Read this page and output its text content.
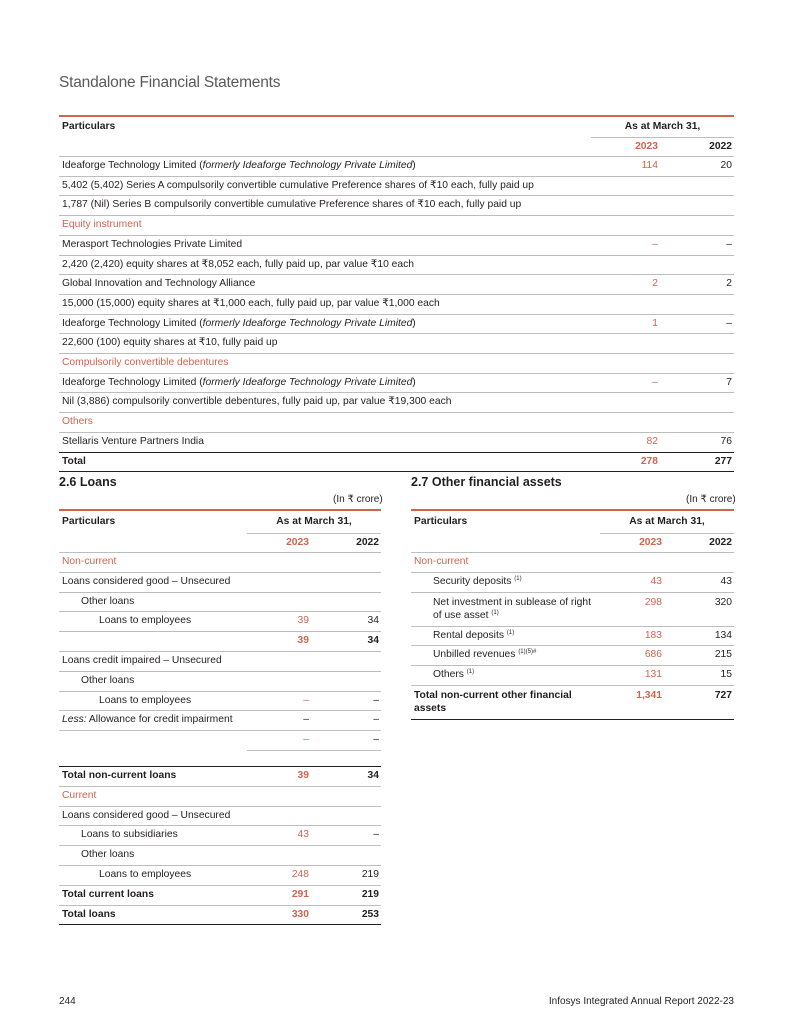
Standalone Financial Statements
Particulars	As at March 31,	
	2023	2022
Ideaforge Technology Limited (formerly Ideaforge Technology Private Limited)	114	20
5,402 (5,402) Series A compulsorily convertible cumulative Preference shares of ₹10 each, fully paid up		
1,787 (Nil) Series B compulsorily convertible cumulative Preference shares of ₹10 each, fully paid up		
Equity instrument		
Merasport Technologies Private Limited	–	–
2,420 (2,420) equity shares at ₹8,052 each, fully paid up, par value ₹10 each		
Global Innovation and Technology Alliance	2	2
15,000 (15,000) equity shares at ₹1,000 each, fully paid up, par value ₹1,000 each		
Ideaforge Technology Limited (formerly Ideaforge Technology Private Limited)	1	–
22,600 (100) equity shares at ₹10, fully paid up		
Compulsorily convertible debentures		
Ideaforge Technology Limited (formerly Ideaforge Technology Private Limited)	–	7
Nil (3,886) compulsorily convertible debentures, fully paid up, par value ₹19,300 each		
Others		
Stellaris Venture Partners India	82	76
Total	278	277
2.6 Loans
(In ₹ crore)
Particulars	As at March 31,	
	2023	2022
Non-current		
Loans considered good – Unsecured		
Other loans		
Loans to employees	39	34
	39	34
Loans credit impaired – Unsecured		
Other loans		
Loans to employees	–	–
Less: Allowance for credit impairment	–	–
	–	–

Total non-current loans	39	34
Current		
Loans considered good – Unsecured		
Loans to subsidiaries	43	–
Other loans		
Loans to employees	248	219
Total current loans	291	219
Total loans	330	253
2.7 Other financial assets
(In ₹ crore)
Particulars	As at March 31,	
	2023	2022
Non-current		
Security deposits $^{(1)}$	43	43
Net investment in sublease of right of use asset $^{(1)}$	298	320
Rental deposits $^{(1)}$	183	134
Unbilled revenues $^{(1)(5)\#}$	686	215
Others $^{(1)}$	131	15
Total non-current other financial assets	1,341	727
244	Infosys Integrated Annual Report 2022-23
